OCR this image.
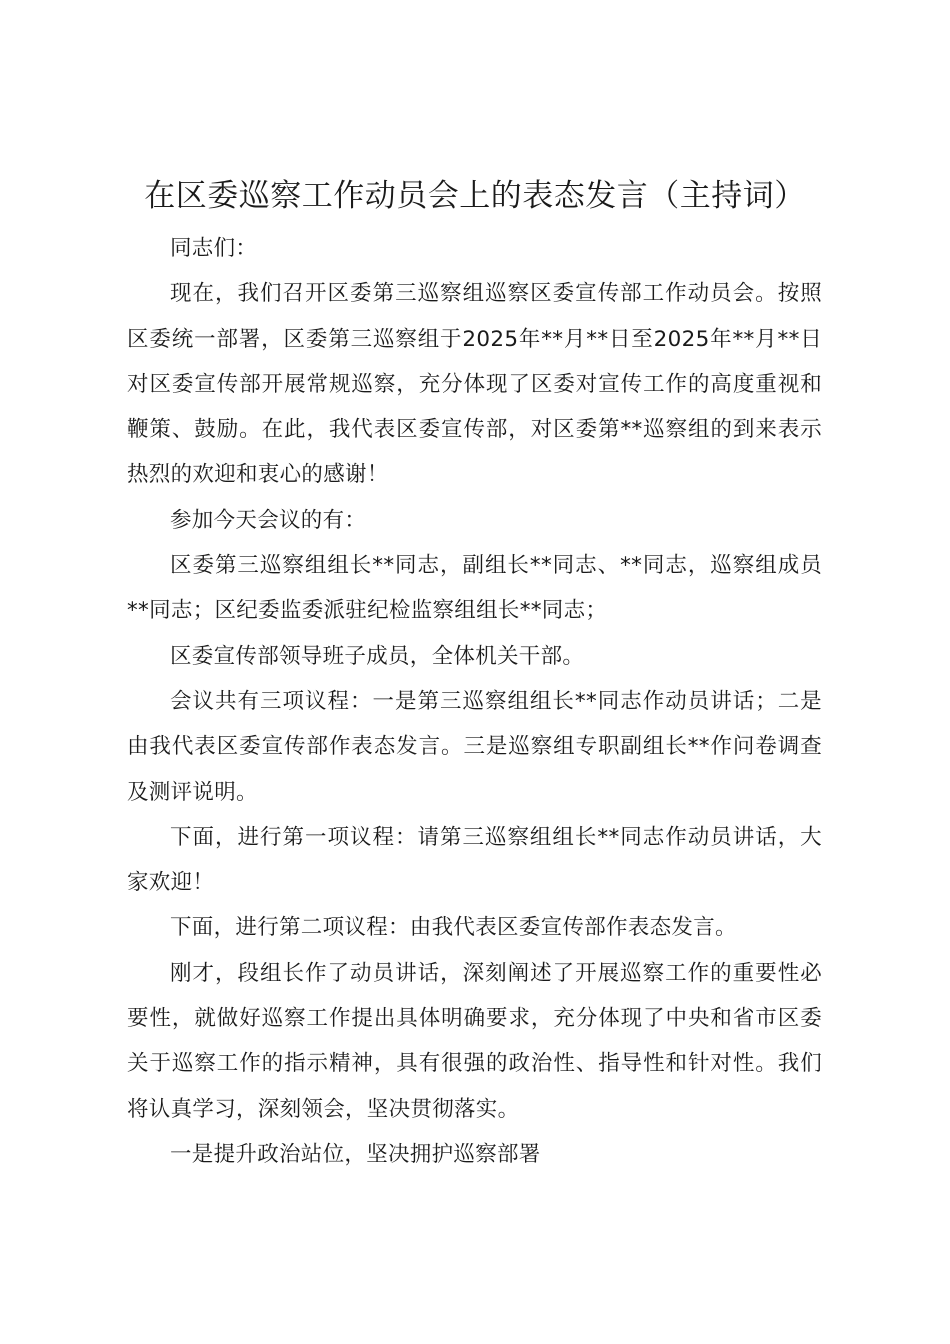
在区委巡察工作动员会上的表态发言（主持词）

同志们：

现在，我们召开区委第三巡察组巡察区委宣传部工作动员会。按照区委统一部署，区委第三巡察组于2025年**月**日至2025年**月**日对区委宣传部开展常规巡察，充分体现了区委对宣传工作的高度重视和鞭策、鼓励。在此，我代表区委宣传部，对区委第**巡察组的到来表示热烈的欢迎和衷心的感谢！

参加今天会议的有：

区委第三巡察组组长**同志，副组长**同志、**同志，巡察组成员**同志；区纪委监委派驻纪检监察组组长**同志；

区委宣传部领导班子成员，全体机关干部。

会议共有三项议程：一是第三巡察组组长**同志作动员讲话；二是由我代表区委宣传部作表态发言。三是巡察组专职副组长**作问卷调查及测评说明。

下面，进行第一项议程：请第三巡察组组长**同志作动员讲话，大家欢迎！

下面，进行第二项议程：由我代表区委宣传部作表态发言。

刚才，段组长作了动员讲话，深刻阐述了开展巡察工作的重要性必要性，就做好巡察工作提出具体明确要求，充分体现了中央和省市区委关于巡察工作的指示精神，具有很强的政治性、指导性和针对性。我们将认真学习，深刻领会，坚决贯彻落实。

一是提升政治站位，坚决拥护巡察部署
